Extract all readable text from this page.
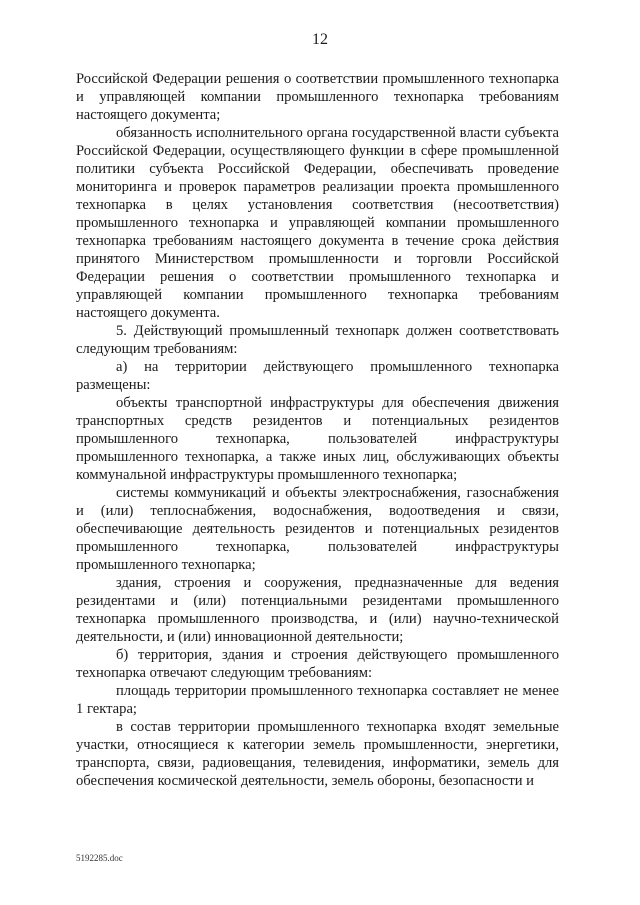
12

Российской Федерации решения о соответствии промышленного технопарка и управляющей компании промышленного технопарка требованиям настоящего документа;

обязанность исполнительного органа государственной власти субъекта Российской Федерации, осуществляющего функции в сфере промышленной политики субъекта Российской Федерации, обеспечивать проведение мониторинга и проверок параметров реализации проекта промышленного технопарка в целях установления соответствия (несоответствия) промышленного технопарка и управляющей компании промышленного технопарка требованиям настоящего документа в течение срока действия принятого Министерством промышленности и торговли Российской Федерации решения о соответствии промышленного технопарка и управляющей компании промышленного технопарка требованиям настоящего документа.

5. Действующий промышленный технопарк должен соответствовать следующим требованиям:

а) на территории действующего промышленного технопарка размещены:

объекты транспортной инфраструктуры для обеспечения движения транспортных средств резидентов и потенциальных резидентов промышленного технопарка, пользователей инфраструктуры промышленного технопарка, а также иных лиц, обслуживающих объекты коммунальной инфраструктуры промышленного технопарка;

системы коммуникаций и объекты электроснабжения, газоснабжения и (или) теплоснабжения, водоснабжения, водоотведения и связи, обеспечивающие деятельность резидентов и потенциальных резидентов промышленного технопарка, пользователей инфраструктуры промышленного технопарка;

здания, строения и сооружения, предназначенные для ведения резидентами и (или) потенциальными резидентами промышленного технопарка промышленного производства, и (или) научно-технической деятельности, и (или) инновационной деятельности;

б) территория, здания и строения действующего промышленного технопарка отвечают следующим требованиям:

площадь территории промышленного технопарка составляет не менее 1 гектара;

в состав территории промышленного технопарка входят земельные участки, относящиеся к категории земель промышленности, энергетики, транспорта, связи, радиовещания, телевидения, информатики, земель для обеспечения космической деятельности, земель обороны, безопасности и

5192285.doc
